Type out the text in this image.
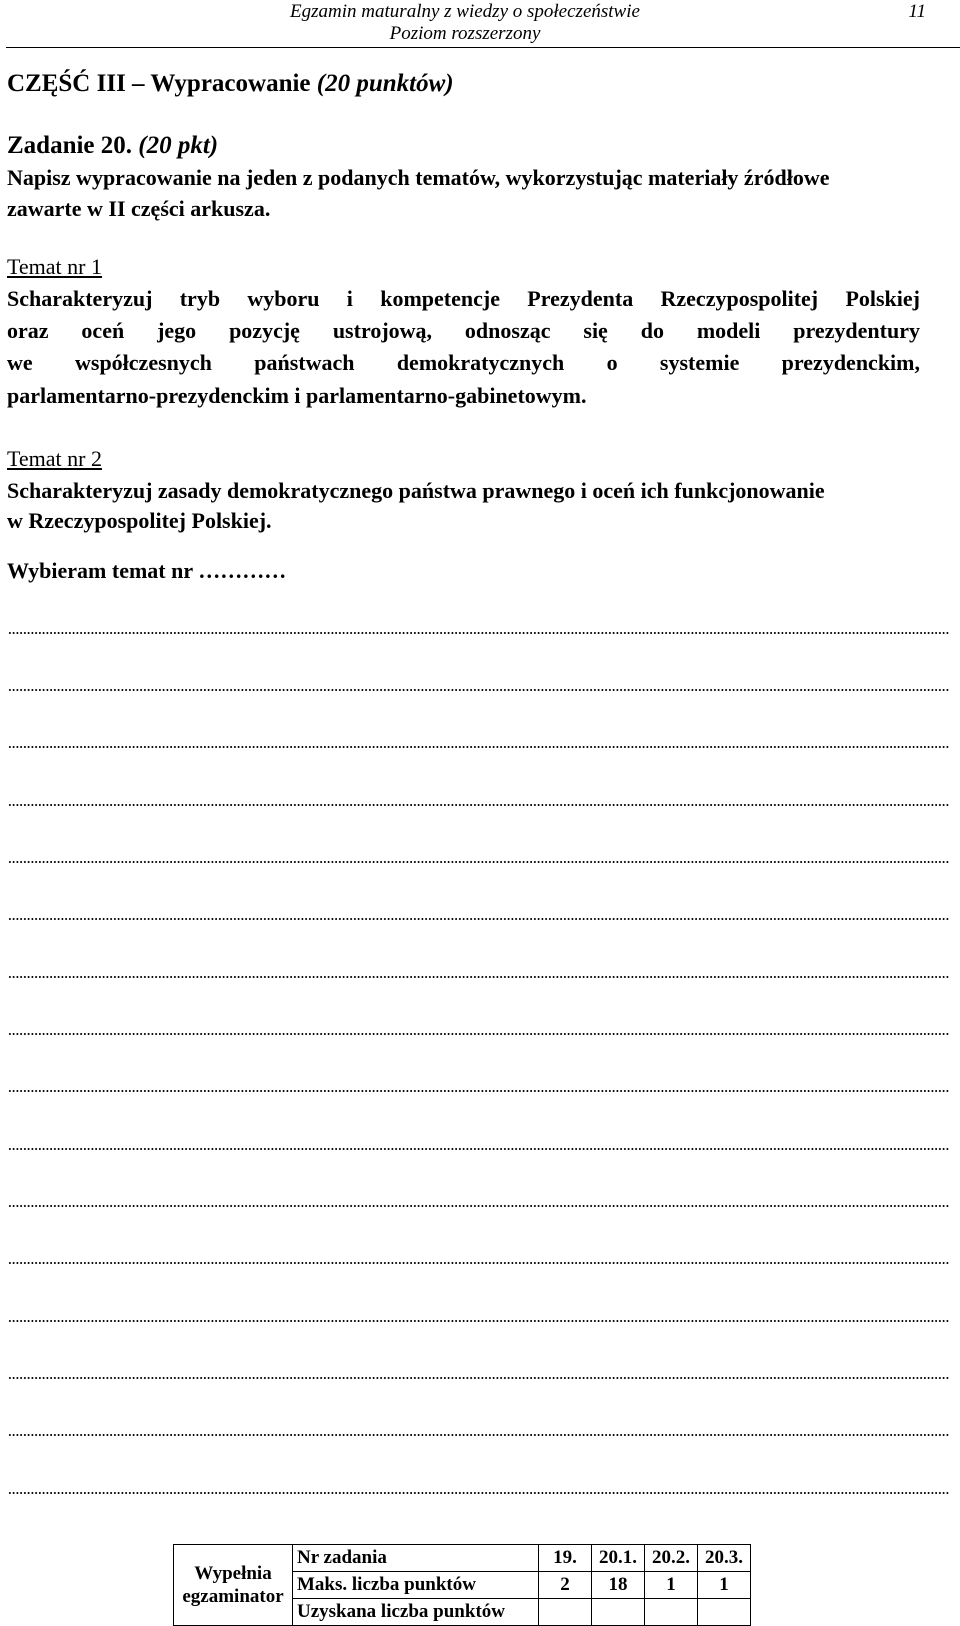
Egzamin maturalny z wiedzy o społeczeństwie
Poziom rozszerzony
11
CZĘŚĆ III – Wypracowanie (20 punktów)
Zadanie 20. (20 pkt)
Napisz wypracowanie na jeden z podanych tematów, wykorzystując materiały źródłowe
zawarte w II części arkusza.
Temat nr 1
Scharakteryzuj tryb wyboru i kompetencje Prezydenta Rzeczypospolitej Polskiej
oraz oceń jego pozycję ustrojową, odnosząc się do modeli prezydentury
we współczesnych państwach demokratycznych o systemie prezydenckim,
parlamentarno-prezydenckim i parlamentarno-gabinetowym.
Temat nr 2
Scharakteryzuj zasady demokratycznego państwa prawnego i oceń ich funkcjonowanie
w Rzeczypospolitej Polskiej.
Wybieram temat nr …………
Wypełnia
egzaminator	Nr zadania	19.	20.1.	20.2.	20.3.
	Maks. liczba punktów	2	18	1	1
	Uzyskana liczba punktów				
